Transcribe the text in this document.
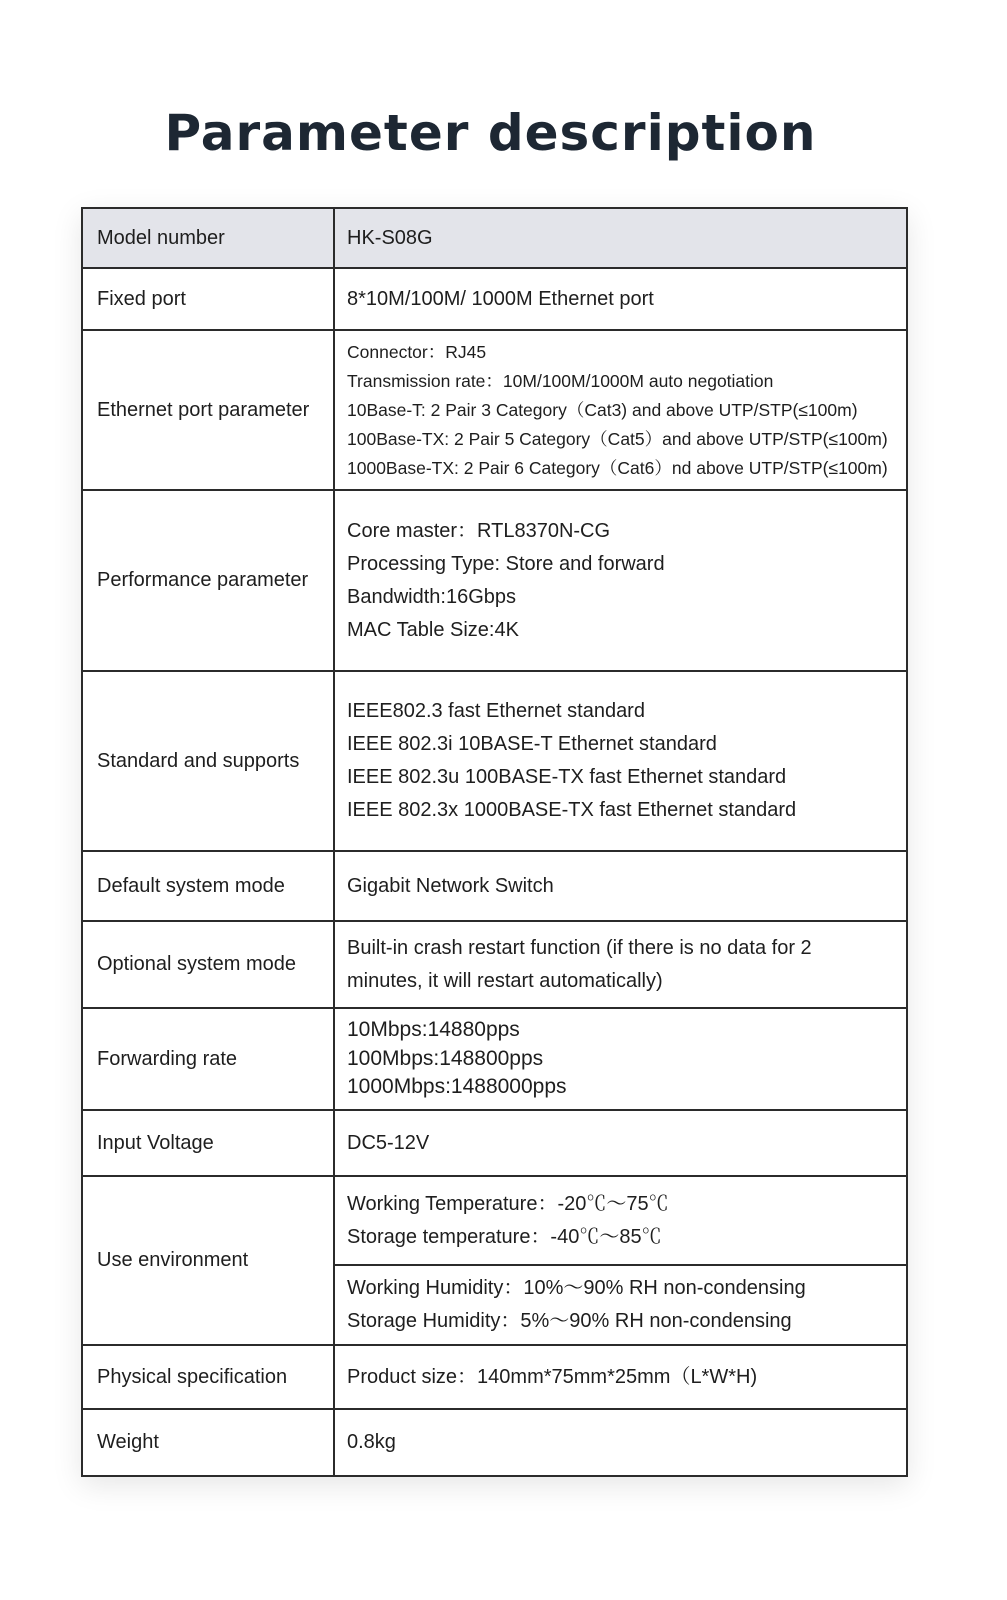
Parameter description
Model number	HK-S08G
Fixed port	8*10M/100M/ 1000M Ethernet port
Ethernet port parameter	Connector：RJ45
Transmission rate：10M/100M/1000M auto negotiation
10Base-T: 2 Pair 3 Category（Cat3) and above UTP/STP(≤100m)
100Base-TX: 2 Pair 5 Category（Cat5）and above UTP/STP(≤100m)
1000Base-TX: 2 Pair 6 Category（Cat6）nd above UTP/STP(≤100m)

Performance parameter	Core master：RTL8370N-CG
Processing Type: Store and forward
Bandwidth:16Gbps
MAC Table Size:4K

Standard and supports	IEEE802.3 fast Ethernet standard
IEEE 802.3i 10BASE-T Ethernet standard
IEEE 802.3u 100BASE-TX fast Ethernet standard
IEEE 802.3x 1000BASE-TX fast Ethernet standard

Default system mode	Gigabit Network Switch
Optional system mode	Built-in crash restart function (if there is no data for 2
minutes, it will restart automatically)

Forwarding rate	10Mbps:14880pps
100Mbps:148800pps
1000Mbps:1488000pps

Input Voltage	DC5-12V
Use environment	Working Temperature：-20℃～75℃
Storage temperature：-40℃～85℃

	Working Humidity：10%～90% RH non-condensing
Storage Humidity：5%～90% RH non-condensing

Physical specification	Product size：140mm*75mm*25mm（L*W*H)
Weight	0.8kg
